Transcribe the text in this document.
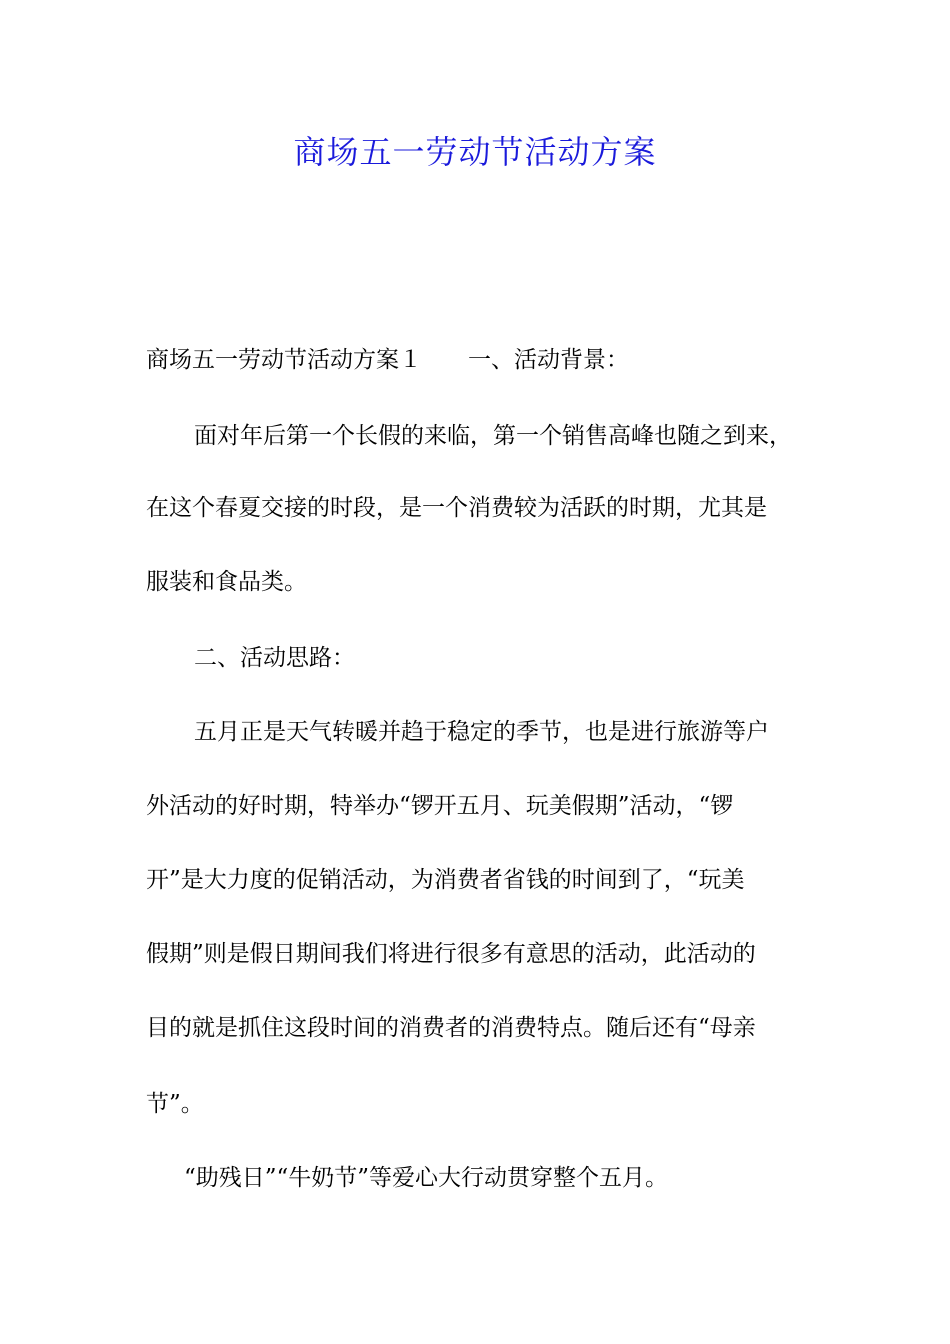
商场五一劳动节活动方案

商场五一劳动节活动方案１ 一、活动背景：

面对年后第一个长假的来临，第一个销售高峰也随之到来，

在这个春夏交接的时段，是一个消费较为活跃的时期，尤其是

服装和食品类。

二、活动思路：

五月正是天气转暖并趋于稳定的季节，也是进行旅游等户

外活动的好时期，特举办“锣开五月、玩美假期”活动，“锣

开”是大力度的促销活动，为消费者省钱的时间到了，“玩美

假期”则是假日期间我们将进行很多有意思的活动，此活动的

目的就是抓住这段时间的消费者的消费特点。随后还有“母亲

节”。

“助残日”“牛奶节”等爱心大行动贯穿整个五月。
